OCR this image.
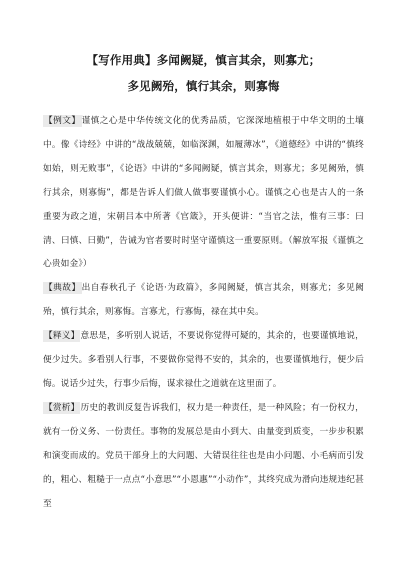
【写作用典】多闻阙疑，慎言其余，则寡尤；
多见阙殆，慎行其余，则寡悔

【例文】谨慎之心是中华传统文化的优秀品质，它深深地植根于中华文明的土壤中。像《诗经》中讲的“战战兢兢，如临深渊，如履薄冰”，《道德经》中讲的“慎终如始，则无败事”，《论语》中讲的“多闻阙疑，慎言其余，则寡尤；多见阙殆，慎行其余，则寡悔”，都是告诉人们做人做事要谨慎小心。谨慎之心也是古人的一条重要为政之道，宋朝吕本中所著《官箴》，开头便讲：“当官之法，惟有三事：曰清、曰慎、曰勤”，告诫为官者要时时坚守谨慎这一重要原则。（解放军报《谨慎之心贵如金》）

【典故】出自春秋孔子《论语·为政篇》，多闻阙疑，慎言其余，则寡尤；多见阙殆，慎行其余，则寡悔。言寡尤，行寡悔，禄在其中矣。

【释义】意思是，多听别人说话，不要说你觉得可疑的，其余的，也要谨慎地说，便少过失。多看别人行事，不要做你觉得不安的，其余的，也要谨慎地行，便少后悔。说话少过失，行事少后悔，谋求禄仕之道就在这里面了。

【赏析】历史的教训反复告诉我们，权力是一种责任，是一种风险；有一份权力，就有一份义务、一份责任。事物的发展总是由小到大、由量变到质变，一步步积累和演变而成的。党员干部身上的大问题、大错误往往也是由小问题、小毛病而引发的，粗心、粗糙于一点点“小意思”“小恩惠”“小动作”，其终究成为滑向违规违纪甚至
